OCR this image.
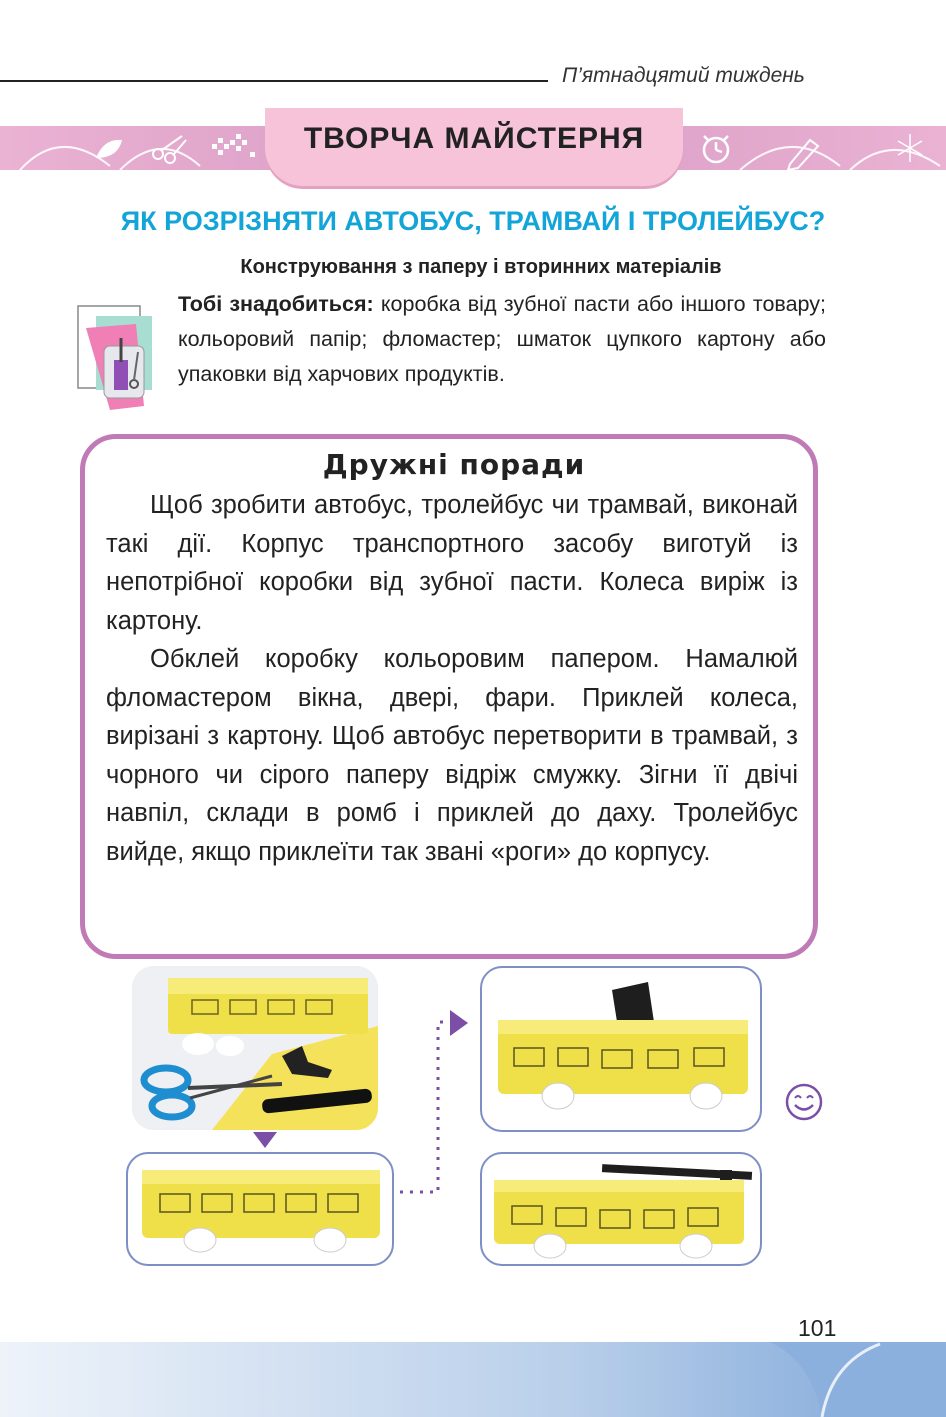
П’ятнадцятий тиждень
ТВОРЧА МАЙСТЕРНЯ
ЯК РОЗРІЗНЯТИ АВТОБУС, ТРАМВАЙ І ТРОЛЕЙБУС?
Конструювання з паперу і вторинних матеріалів
Тобі знадобиться: коробка від зубної пасти або іншого товару; кольоровий папір; фломастер; шматок цупкого картону або упаковки від харчових продуктів.
Дружні поради

Щоб зробити автобус, тролейбус чи трамвай, виконай такі дії. Корпус транспортного засобу виготуй із непотрібної коробки від зубної пасти. Колеса виріж із картону.

Обклей коробку кольоровим папером. Намалюй фломастером вікна, двері, фари. Приклей колеса, вирізані з картону. Щоб автобус перетворити в трамвай, з чорного чи сірого паперу відріж смужку. Зігни її двічі навпіл, склади в ромб і приклей до даху. Тролейбус вийде, якщо приклеїти так звані «роги» до корпусу.

101
